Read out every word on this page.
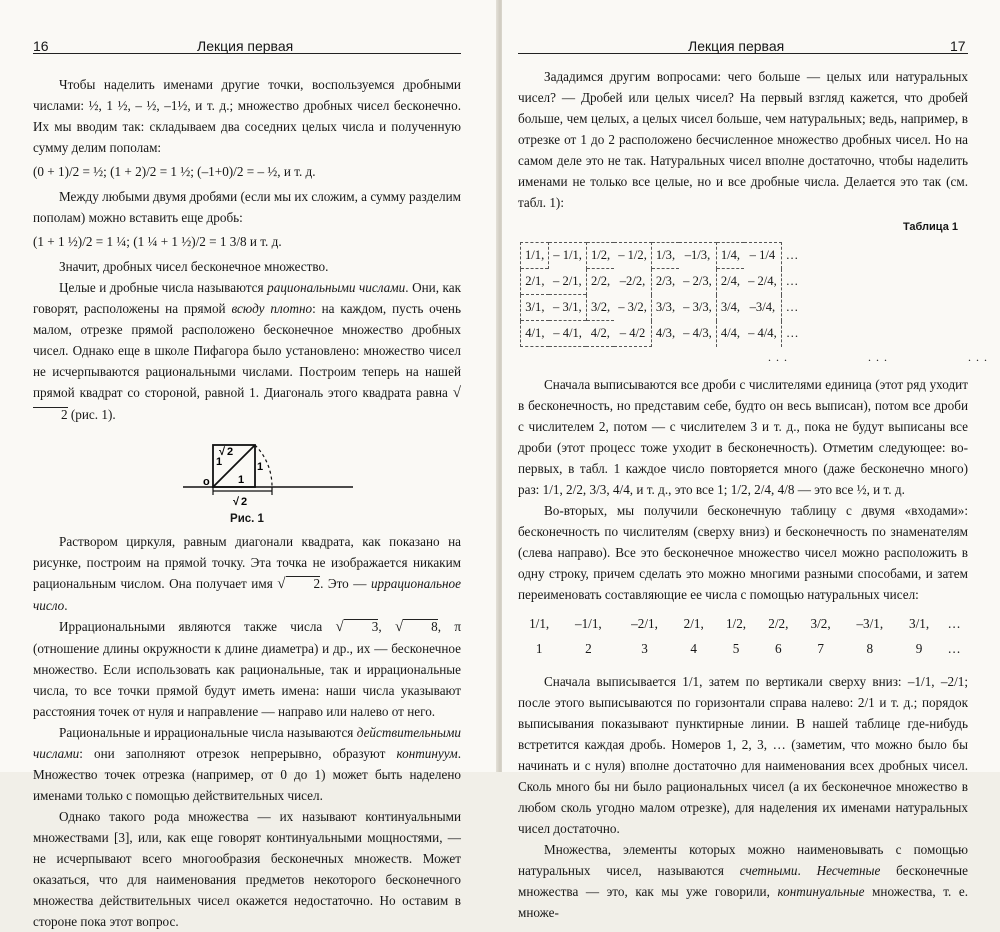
16	Лекция первая

Чтобы наделить именами другие точки, воспользуемся дробными числами: ½, 1 ½, – ½, –1½, и т. д.; множество дробных чисел бесконечно. Их мы вводим так: складываем два соседних целых числа и полученную сумму делим пополам:

(0 + 1)/2 = ½; (1 + 2)/2 = 1 ½; (–1+0)/2 = – ½, и т. д.

Между любыми двумя дробями (если мы их сложим, а сумму разделим пополам) можно вставить еще дробь:

(1 + 1 ½)/2 = 1 ¼; (1 ¼ + 1 ½)/2 = 1 3/8 и т. д.

Значит, дробных чисел бесконечное множество.

Целые и дробные числа называются рациональными числами. Они, как говорят, расположены на прямой всюду плотно: на каждом, пусть очень малом, отрезке прямой расположено бесконечное множество дробных чисел. Однако еще в школе Пифагора было установлено: множество чисел не исчерпываются рациональными числами. Построим теперь на нашей прямой квадрат со стороной, равной 1. Диагональ этого квадрата равна √2 (рис. 1).

o
1
1
1
√ 2
√ 2
Рис. 1

Раствором циркуля, равным диагонали квадрата, как показано на рисунке, построим на прямой точку. Эта точка не изображается никаким рациональным числом. Она получает имя √ 2. Это — иррациональное число.

Иррациональными являются также числа √ 3, √ 8, π (отношение длины окружности к длине диаметра) и др., их — бесконечное множество. Если использовать как рациональные, так и иррациональные числа, то все точки прямой будут иметь имена: наши числа указывают расстояния точек от нуля и направление — направо или налево от него.

Рациональные и иррациональные числа называются действительными числами: они заполняют отрезок непрерывно, образуют континуум. Множество точек отрезка (например, от 0 до 1) может быть наделено именами только с помощью действительных чисел.

Однако такого рода множества — их называют континуальными множествами [3], или, как еще говорят континуальными мощностями, — не исчерпывают всего многообразия бесконечных множеств. Может оказаться, что для наименования предметов некоторого бесконечного множества действительных чисел окажется недостаточно. Но оставим в стороне пока этот вопрос.

Лекция первая	17

Зададимся другим вопросами: чего больше — целых или натуральных чисел? — Дробей или целых чисел? На первый взгляд кажется, что дробей больше, чем целых, а целых чисел больше, чем натуральных; ведь, например, в отрезке от 1 до 2 расположено бесчисленное множество дробных чисел. Но на самом деле это не так. Натуральных чисел вполне достаточно, чтобы наделить именами не только все целые, но и все дробные числа. Делается это так (см. табл. 1):

Таблица 1
1/1,	– 1/1,	1/2,	– 1/2,	1/3,	–1/3,	1/4,	– 1/4	…
2/1,	– 2/1,	2/2,	–2/2,	2/3,	– 2/3,	2/4,	– 2/4,	…
3/1,	– 3/1,	3/2,	– 3/2,	3/3,	– 3/3,	3/4,	–3/4,	…
4/1,	– 4/1,	4/2,	– 4/2	4/3,	– 4/3,	4/4,	– 4/4,	…
. . .	. . .	. . .

Сначала выписываются все дроби с числителями единица (этот ряд уходит в бесконечность, но представим себе, будто он весь выписан), потом все дроби с числителем 2, потом — с числителем 3 и т. д., пока не будут выписаны все дроби (этот процесс тоже уходит в бесконечность). Отметим следующее: во-первых, в табл. 1 каждое число повторяется много (даже бесконечно много) раз: 1/1, 2/2, 3/3, 4/4, и т. д., это все 1; 1/2, 2/4, 4/8 — это все ½, и т. д.

Во-вторых, мы получили бесконечную таблицу с двумя «входами»: бесконечность по числителям (сверху вниз) и бесконечность по знаменателям (слева направо). Все это бесконечное множество чисел можно расположить в одну строку, причем сделать это можно многими разными способами, и затем переименовать составляющие ее числа с помощью натуральных чисел:

1/1,	–1/1,	–2/1,	2/1,	1/2,	2/2,	3/2,	–3/1,	3/1,	…
1	2	3	4	5	6	7	8	9	…

Сначала выписывается 1/1, затем по вертикали сверху вниз: –1/1, –2/1; после этого выписываются по горизонтали справа налево: 2/1 и т. д.; порядок выписывания показывают пунктирные линии. В нашей таблице где-нибудь встретится каждая дробь. Номеров 1, 2, 3, … (заметим, что можно было бы начинать и с нуля) вполне достаточно для наименования всех дробных чисел. Сколь много бы ни было рациональных чисел (а их бесконечное множество в любом сколь угодно малом отрезке), для наделения их именами натуральных чисел достаточно.

Множества, элементы которых можно наименовывать с помощью натуральных чисел, называются счетными. Несчетные бесконечные множества — это, как мы уже говорили, континуальные множества, т. е. множе-
